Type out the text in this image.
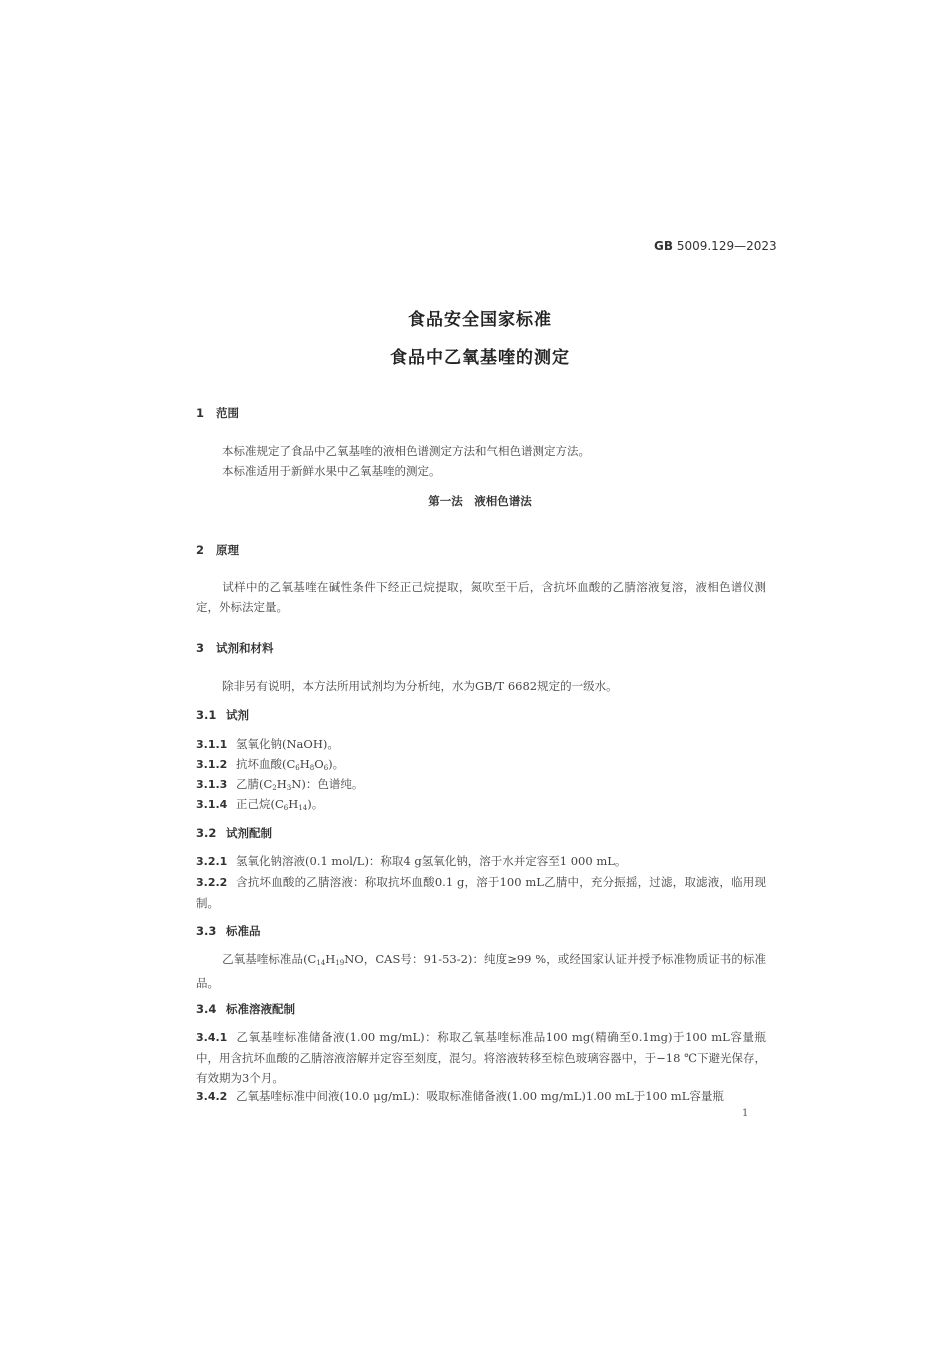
GB 5009.129—2023
食品安全国家标准
食品中乙氧基喹的测定
1 范围
本标准规定了食品中乙氧基喹的液相色谱测定方法和气相色谱测定方法。
本标准适用于新鲜水果中乙氧基喹的测定。
第一法　液相色谱法
2 原理
试样中的乙氧基喹在碱性条件下经正己烷提取，氮吹至干后，含抗坏血酸的乙腈溶液复溶，液相色谱仪测定，外标法定量。
3 试剂和材料
除非另有说明，本方法所用试剂均为分析纯，水为GB/T 6682规定的一级水。
3.1 试剂
3.1.1 氢氧化钠(NaOH)。
3.1.2 抗坏血酸$(C_6H_8O_6)$。
3.1.3 乙腈$(C_2H_3N)$：色谱纯。
3.1.4 正己烷$(C_6H_{14})$。
3.2 试剂配制
3.2.1 氢氧化钠溶液(0.1 mol/L)：称取4 g氢氧化钠，溶于水并定容至1 000 mL。
3.2.2 含抗坏血酸的乙腈溶液：称取抗坏血酸0.1 g，溶于100 mL乙腈中，充分振摇，过滤，取滤液，临用现制。
3.3 标准品
乙氧基喹标准品($C_{14}H_{19}NO$，CAS号：91-53-2)：纯度≥99 %，或经国家认证并授予标准物质证书的标准品。
3.4 标准溶液配制
3.4.1 乙氧基喹标准储备液(1.00 mg/mL)：称取乙氧基喹标准品100 mg(精确至0.1mg)于100 mL容量瓶中，用含抗坏血酸的乙腈溶液溶解并定容至刻度，混匀。将溶液转移至棕色玻璃容器中，于−18 ℃下避光保存，有效期为3个月。
3.4.2 乙氧基喹标准中间液(10.0 μg/mL)：吸取标准储备液(1.00 mg/mL)1.00 mL于100 mL容量瓶
1
